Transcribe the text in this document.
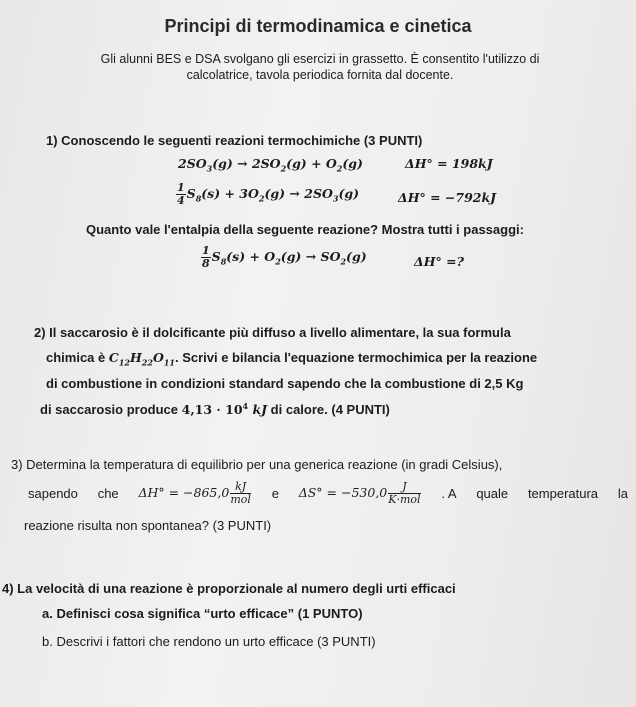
Principi di termodinamica e cinetica
Gli alunni BES e DSA svolgano gli esercizi in grassetto. È consentito l'utilizzo di
calcolatrice, tavola periodica fornita dal docente.
1) Conoscendo le seguenti reazioni termochimiche (3 PUNTI)
$2SO_3(g) \to 2SO_2(g) + O_2(g)$	ΔH° = 198kJ
$\frac{1}{4} S_8(s) + 3O_2(g) \to 2SO_3(g)$	ΔH° = −792kJ
Quanto vale l'entalpia della seguente reazione? Mostra tutti i passaggi:
$\frac{1}{8} S_8(s) + O_2(g) \to SO_2(g)$	ΔH° =?
2) Il saccarosio è il dolcificante più diffuso a livello alimentare, la sua formula
chimica è $C_{12}H_{22}O_{11}$. Scrivi e bilancia l'equazione termochimica per la reazione
di combustione in condizioni standard sapendo che la combustione di 2,5 Kg
di saccarosio produce $4,13 \cdot 10^4$ kJ di calore. (4 PUNTI)
3) Determina la temperatura di equilibrio per una generica reazione (in gradi Celsius),
sapendo che $\Delta H^\circ = -865,0 \frac{kJ}{\text{mol}}$ e $\Delta S^\circ = -530,0 \frac{J}{\text{K·mol}}$ . A quale temperatura la
reazione risulta non spontanea? (3 PUNTI)
4) La velocità di una reazione è proporzionale al numero degli urti efficaci
a. Definisci cosa significa “urto efficace” (1 PUNTO)
b. Descrivi i fattori che rendono un urto efficace (3 PUNTI)
